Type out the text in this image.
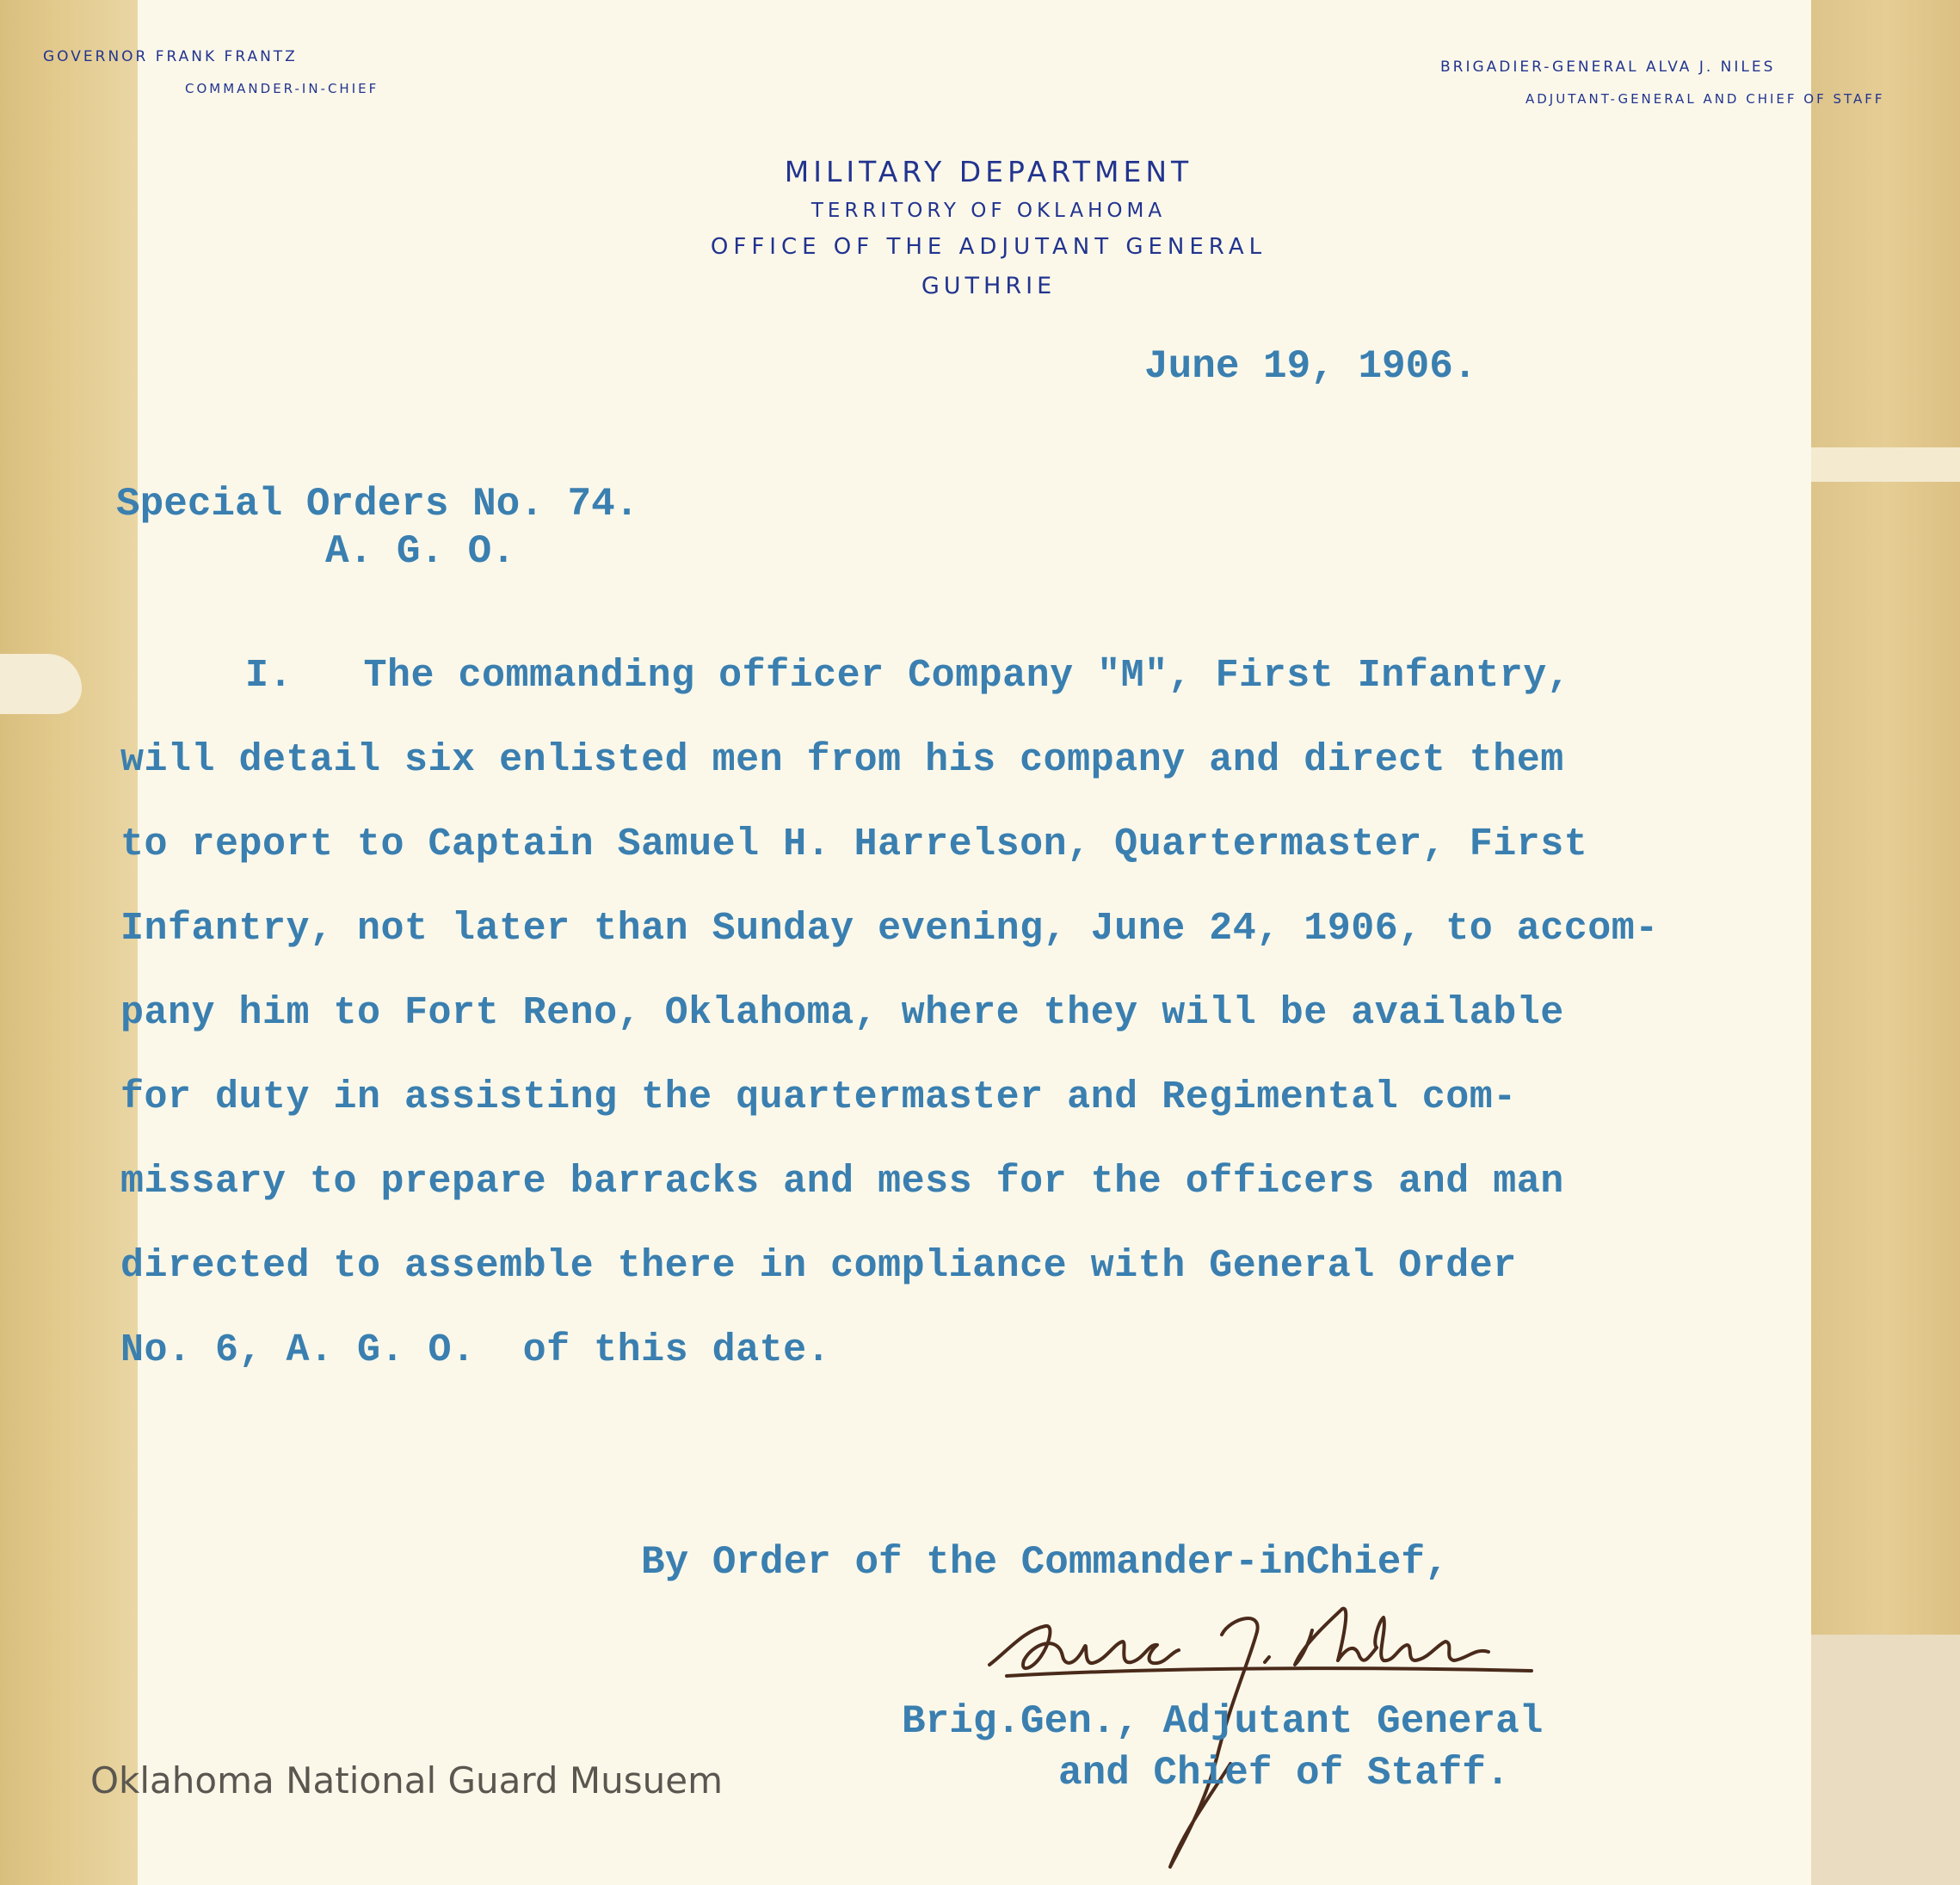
GOVERNOR FRANK FRANTZ
COMMANDER-IN-CHIEF
BRIGADIER-GENERAL ALVA J. NILES
ADJUTANT-GENERAL AND CHIEF OF STAFF
MILITARY DEPARTMENT
TERRITORY OF OKLAHOMA
OFFICE OF THE ADJUTANT GENERAL
GUTHRIE
June 19, 1906.
Special Orders No. 74.
A. G. O.
I.   The commanding officer Company "M", First Infantry,
will detail six enlisted men from his company and direct them
to report to Captain Samuel H. Harrelson, Quartermaster, First
Infantry, not later than Sunday evening, June 24, 1906, to accom-
pany him to Fort Reno, Oklahoma, where they will be available
for duty in assisting the quartermaster and Regimental com-
missary to prepare barracks and mess for the officers and man
directed to assemble there in compliance with General Order
No. 6, A. G. O.  of this date.
By Order of the Commander-inChief,
Brig.Gen., Adjutant General
and Chief of Staff.
Oklahoma National Guard Musuem
